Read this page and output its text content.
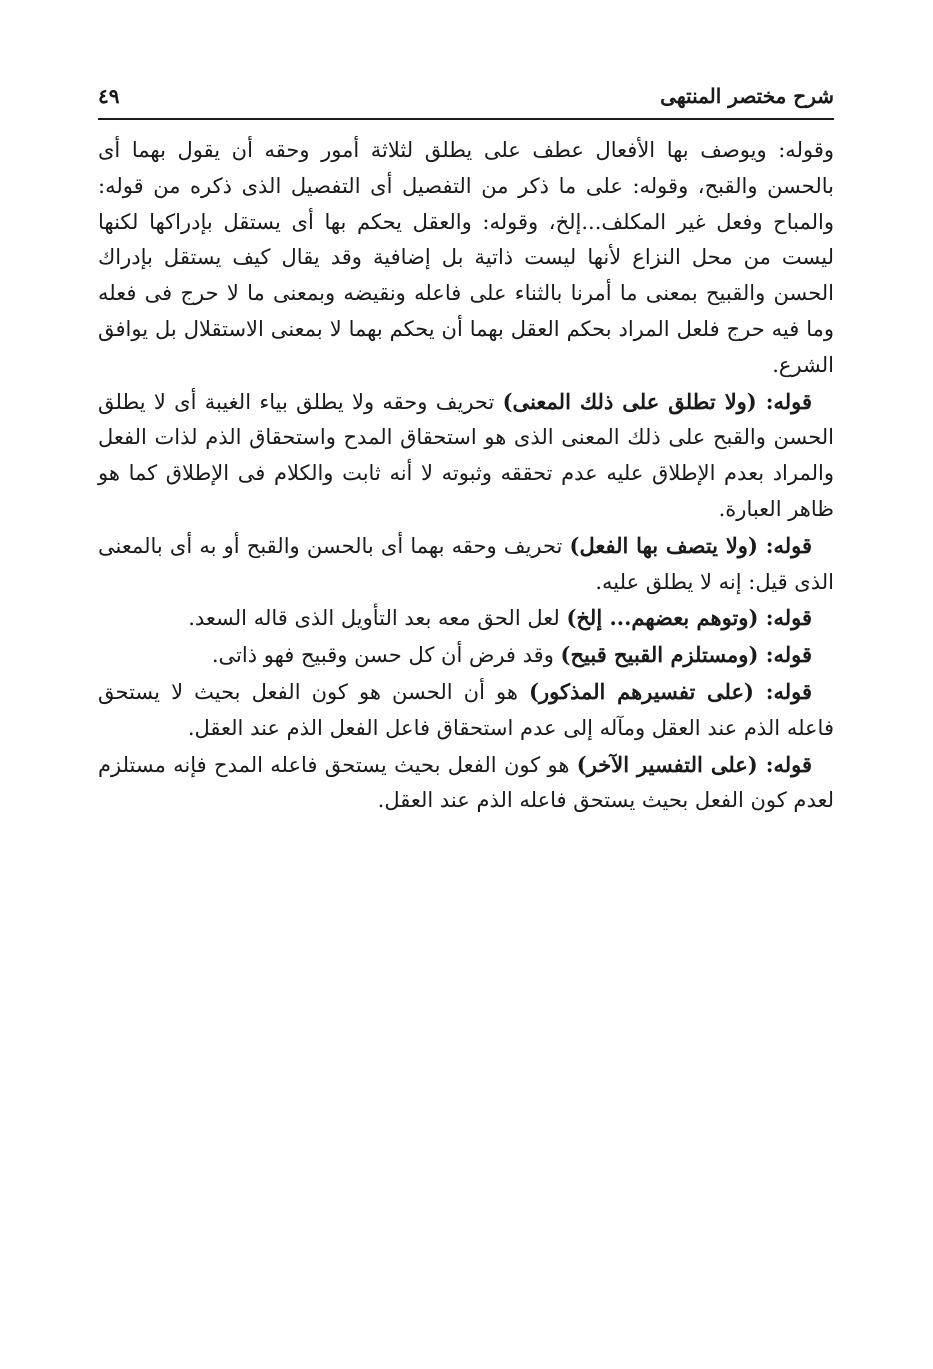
شرح مختصر المنتهى
٤٩

وقوله: ويوصف بها الأفعال عطف على يطلق لثلاثة أمور وحقه أن يقول بهما أى بالحسن والقبح، وقوله: على ما ذكر من التفصيل أى التفصيل الذى ذكره من قوله: والمباح وفعل غير المكلف...إلخ، وقوله: والعقل يحكم بها أى يستقل بإدراكها لكنها ليست من محل النزاع لأنها ليست ذاتية بل إضافية وقد يقال كيف يستقل بإدراك الحسن والقبيح بمعنى ما أمرنا بالثناء على فاعله ونقيضه وبمعنى ما لا حرج فى فعله وما فيه حرج فلعل المراد بحكم العقل بهما أن يحكم بهما لا بمعنى الاستقلال بل يوافق الشرع.

قوله: (ولا تطلق على ذلك المعنى) تحريف وحقه ولا يطلق بياء الغيبة أى لا يطلق الحسن والقبح على ذلك المعنى الذى هو استحقاق المدح واستحقاق الذم لذات الفعل والمراد بعدم الإطلاق عليه عدم تحققه وثبوته لا أنه ثابت والكلام فى الإطلاق كما هو ظاهر العبارة.

قوله: (ولا يتصف بها الفعل) تحريف وحقه بهما أى بالحسن والقبح أو به أى بالمعنى الذى قيل: إنه لا يطلق عليه.

قوله: (وتوهم بعضهم... إلخ) لعل الحق معه بعد التأويل الذى قاله السعد.

قوله: (ومستلزم القبيح قبيح) وقد فرض أن كل حسن وقبيح فهو ذاتى.

قوله: (على تفسيرهم المذكور) هو أن الحسن هو كون الفعل بحيث لا يستحق فاعله الذم عند العقل ومآله إلى عدم استحقاق فاعل الفعل الذم عند العقل.

قوله: (على التفسير الآخر) هو كون الفعل بحيث يستحق فاعله المدح فإنه مستلزم لعدم كون الفعل بحيث يستحق فاعله الذم عند العقل.
